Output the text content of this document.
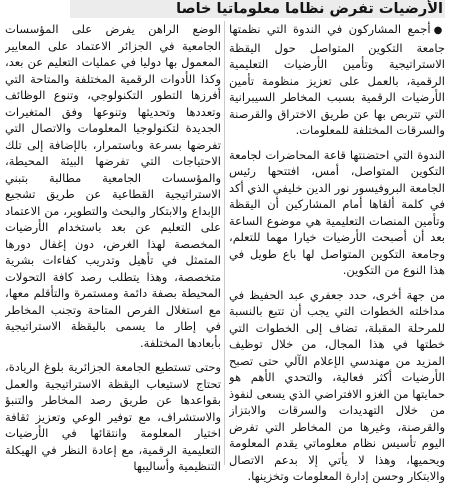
الأرضيات تفرض نظاما معلوماتيا خاصا

●أجمع المشاركون في الندوة التي نظمتها جامعة التكوين المتواصل حول اليقظة الاستراتيجية وتأمين الأرضيات التعليمية الرقمية، بالعمل على تعزيز منظومة تأمين الأرضيات الرقمية بسبب المخاطر السيبرانية التي تتربص بها عن طريق الاختراق والقرصنة والسرقات المختلفة للمعلومات.

الندوة التي احتضنتها قاعة المحاضرات لجامعة التكوين المتواصل، أمس، افتتحها رئيس الجامعة البروفيسور نور الدين خليفي الذي أكد في كلمة ألقاها أمام المشاركين أن اليقظة وتأمين المنصات التعليمية هي موضوع الساعة بعد أن أصبحت الأرضيات خيارا مهما للتعلم، وجامعة التكوين المتواصل لها باع طويل في هذا النوع من التكوين.

من جهة أخرى، حدد جعفري عبد الحفيظ في مداخلته الخطوات التي يجب أن تتبع بالنسبة للمرحلة المقبلة، تضاف إلى الخطوات التي خطتها في هذا المجال، من خلال توظيف المزيد من مهندسي الإعلام الآلي حتى تصبح الأرضيات أكثر فعالية، والتحدي الأهم هو حمايتها من الغزو الافتراضي الذي يسعى لنفوذ من خلال التهديدات والسرقات والابتزاز والقرصنة، وغيرها من المخاطر التي تفرض اليوم تأسيس نظام معلوماتي يقدم المعلومة ويحميها، وهذا لا يأتي إلا بدعم الاتصال والابتكار وحسن إدارة المعلومات وتخزينها.

الوضع الراهن يفرض على المؤسسات الجامعية في الجزائر الاعتماد على المعايير المعمول بها دوليا في عمليات التعليم عن بعد، وكذا الأدوات الرقمية المختلفة والمتاحة التي أفرزها التطور التكنولوجي، وتنوع الوظائف وتعددها وتحديثها وتنوعها وفق المتغيرات الجديدة لتكنولوجيا المعلومات والاتصال التي تفرضها بسرعة وباستمرار، بالإضافة إلى تلك الاحتياجات التي تفرضها البيئة المحيطة، والمؤسسات الجامعية مطالبة بتبني الاستراتيجية القطاعية عن طريق تشجيع الإبداع والابتكار والبحث والتطوير، من الاعتماد على التعليم عن بعد باستخدام الأرضيات المخصصة لهذا الغرض، دون إغفال دورها المتمثل في تأهيل وتدريب كفاءات بشرية متخصصة، وهذا يتطلب رصد كافة التحولات المحيطة بصفة دائمة ومستمرة والتأقلم معها، مع استغلال الفرص المتاحة وتجنب المخاطر في إطار ما يسمى باليقظة الاستراتيجية بأبعادها المختلفة.

وحتى تستطيع الجامعة الجزائرية بلوغ الريادة، تحتاج لاستيعاب اليقظة الاستراتيجية والعمل بقواعدها عن طريق رصد المخاطر والتنبؤ والاستشراف، مع توفير الوعي وتعزيز ثقافة اختيار المعلومة وانتقائها في الأرضيات التعليمية الرقمية، مع إعادة النظر في الهيكلة التنظيمية وأساليبها
